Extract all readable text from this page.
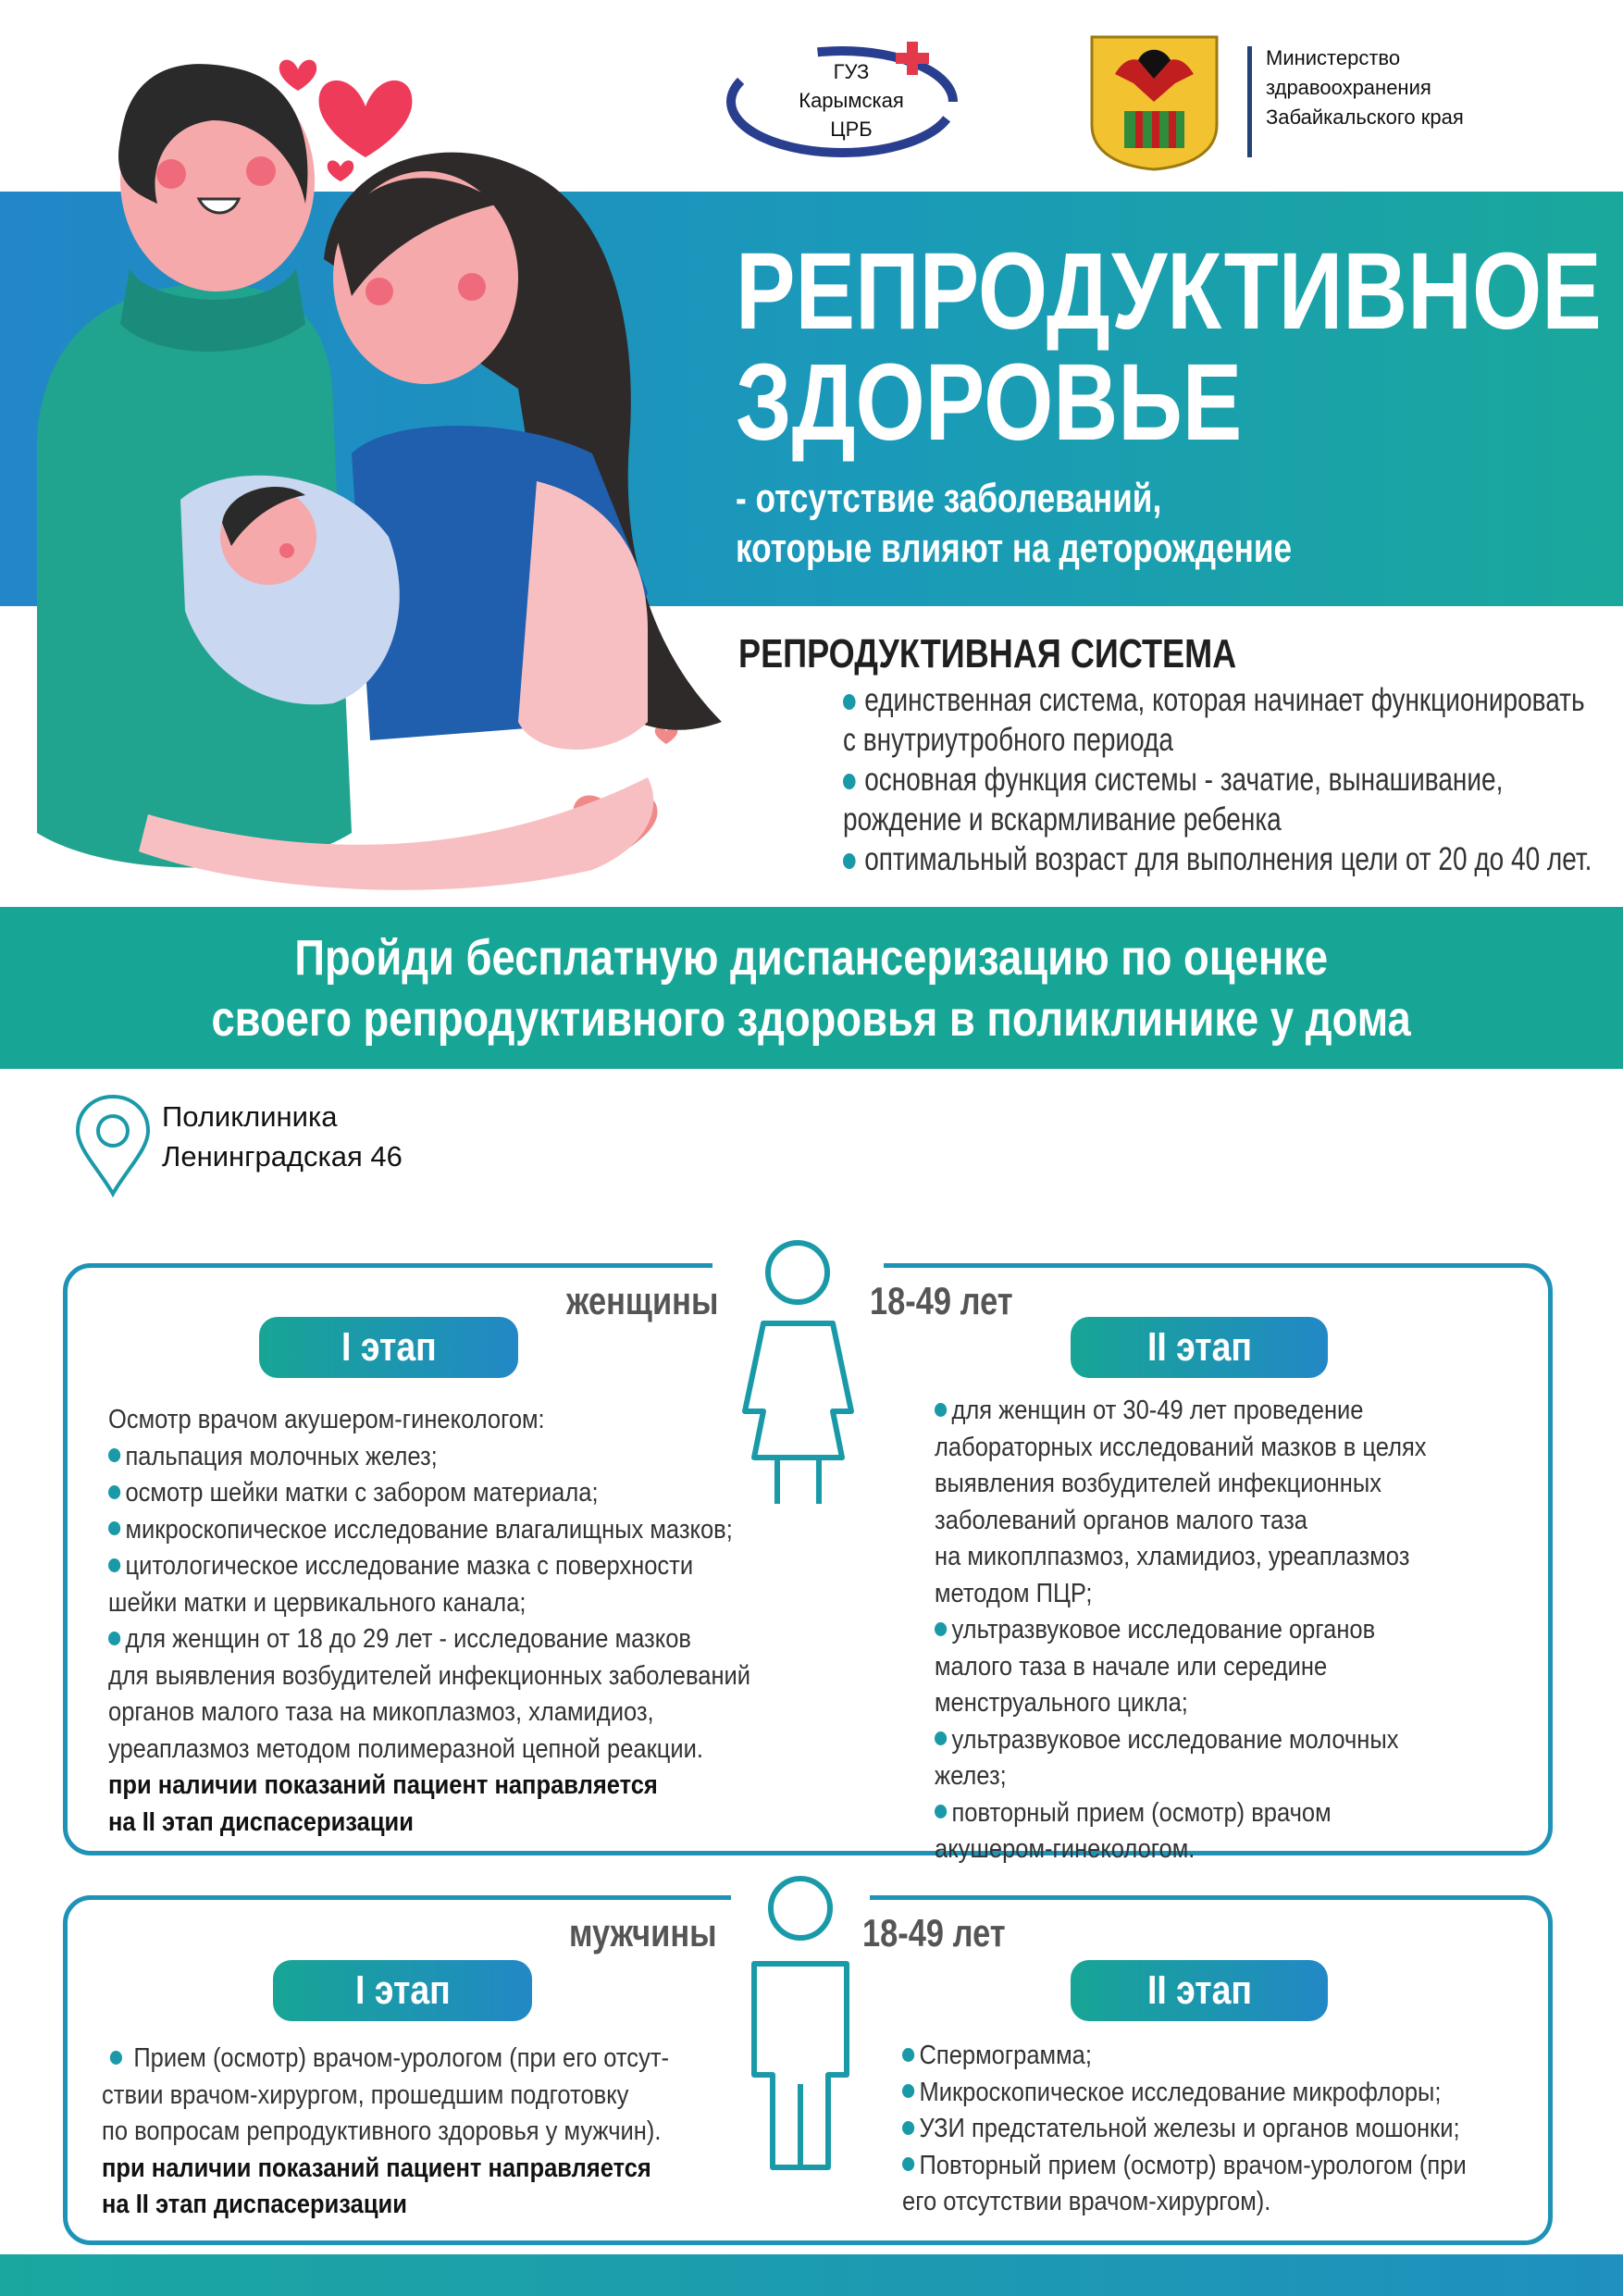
ГУЗ
Карымская
ЦРБ
Министерство
здравоохранения
Забайкальского края
РЕПРОДУКТИВНОЕ
ЗДОРОВЬЕ
- отсутствие заболеваний,
которые влияют на деторождение
РЕПРОДУКТИВНАЯ СИСТЕМА
единственная система, которая начинает функционировать
с внутриутробного периода
основная функция системы - зачатие, вынашивание,
рождение и вскармливание ребенка
оптимальный возраст для выполнения цели от 20 до 40 лет.
Пройди бесплатную диспансеризацию по оценке
своего репродуктивного здоровья в поликлинике у дома
Поликлиника
Ленинградская 46
женщины	18-49 лет
I этап	II этап
Осмотр врачом акушером-гинекологом:
пальпация молочных желез;
осмотр шейки матки с забором материала;
микроскопическое исследование влагалищных мазков;
цитологическое исследование мазка с поверхности
шейки матки и цервикального канала;
для женщин от 18 до 29 лет - исследование мазков
для выявления возбудителей инфекционных заболеваний
органов малого таза на микоплазмоз, хламидиоз,
уреаплазмоз методом полимеразной цепной реакции.
при наличии показаний пациент направляется
на II этап диспасеризации
для женщин от 30-49 лет проведение
лабораторных исследований мазков в целях
выявления возбудителей инфекционных
заболеваний органов малого таза
на микоплпазмоз, хламидиоз, уреаплазмоз
методом ПЦР;
ультразвуковое исследование органов
малого таза в начале или середине
менструального цикла;
ультразвуковое исследование молочных желез;
повторный прием (осмотр) врачом
акушером-гинекологом.
мужчины	18-49 лет
I этап	II этап
Прием (осмотр) врачом-урологом (при его отсут-
ствии врачом-хирургом, прошедшим подготовку
по вопросам репродуктивного здоровья у мужчин).
при наличии показаний пациент направляется
на II этап диспасеризации
Спермограмма;
Микроскопическое исследование микрофлоры;
УЗИ предстательной железы и органов мошонки;
Повторный прием (осмотр) врачом-урологом (при
его отсутствии врачом-хирургом).
